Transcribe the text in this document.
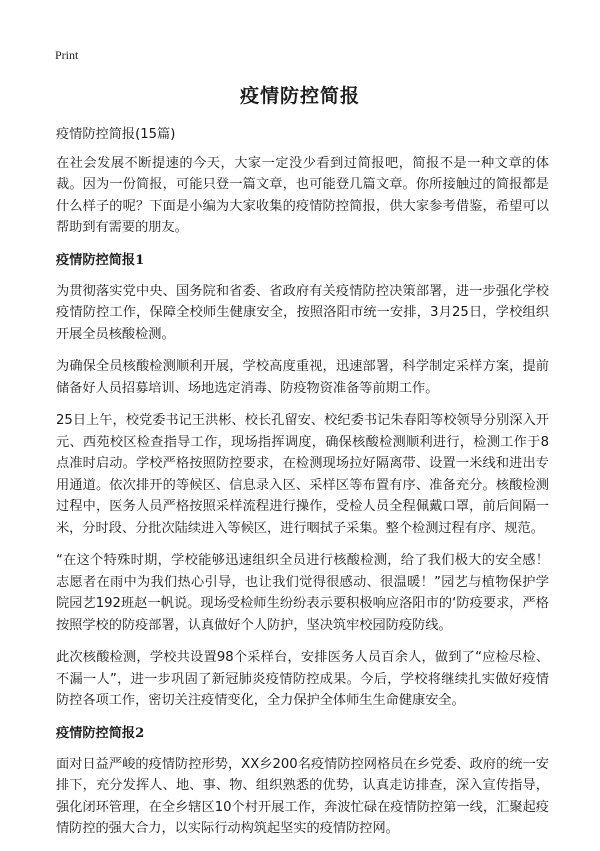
Print
疫情防控简报

疫情防控简报(15篇)

在社会发展不断提速的今天，大家一定没少看到过简报吧，简报不是一种文章的体裁。因为一份简报，可能只登一篇文章，也可能登几篇文章。你所接触过的简报都是什么样子的呢？下面是小编为大家收集的疫情防控简报，供大家参考借鉴，希望可以帮助到有需要的朋友。

疫情防控简报1

为贯彻落实党中央、国务院和省委、省政府有关疫情防控决策部署，进一步强化学校疫情防控工作，保障全校师生健康安全，按照洛阳市统一安排，3月25日，学校组织开展全员核酸检测。

为确保全员核酸检测顺利开展，学校高度重视，迅速部署，科学制定采样方案，提前储备好人员招募培训、场地选定消毒、防疫物资准备等前期工作。

25日上午，校党委书记王洪彬、校长孔留安、校纪委书记朱春阳等校领导分别深入开元、西苑校区检查指导工作，现场指挥调度，确保核酸检测顺利进行，检测工作于8点准时启动。学校严格按照防控要求，在检测现场拉好隔离带、设置一米线和进出专用通道。依次排开的等候区、信息录入区、采样区等布置有序、准备充分。核酸检测过程中，医务人员严格按照采样流程进行操作，受检人员全程佩戴口罩，前后间隔一米，分时段、分批次陆续进入等候区，进行咽拭子采集。整个检测过程有序、规范。

“在这个特殊时期，学校能够迅速组织全员进行核酸检测，给了我们极大的安全感！志愿者在雨中为我们热心引导，也让我们觉得很感动、很温暖！”园艺与植物保护学院园艺192班赵一帆说。现场受检师生纷纷表示要积极响应洛阳市的‘防疫要求，严格按照学校的防疫部署，认真做好个人防护，坚决筑牢校园防疫防线。

此次核酸检测，学校共设置98个采样台，安排医务人员百余人，做到了“应检尽检、不漏一人”，进一步巩固了新冠肺炎疫情防控成果。今后，学校将继续扎实做好疫情防控各项工作，密切关注疫情变化，全力保护全体师生生命健康安全。

疫情防控简报2

面对日益严峻的疫情防控形势，XX乡200名疫情防控网格员在乡党委、政府的统一安排下，充分发挥人、地、事、物、组织熟悉的优势，认真走访排查，深入宣传指导，强化闭环管理，在全乡辖区10个村开展工作，奔波忙碌在疫情防控第一线，汇聚起疫情防控的强大合力，以实际行动构筑起坚实的疫情防控网。
